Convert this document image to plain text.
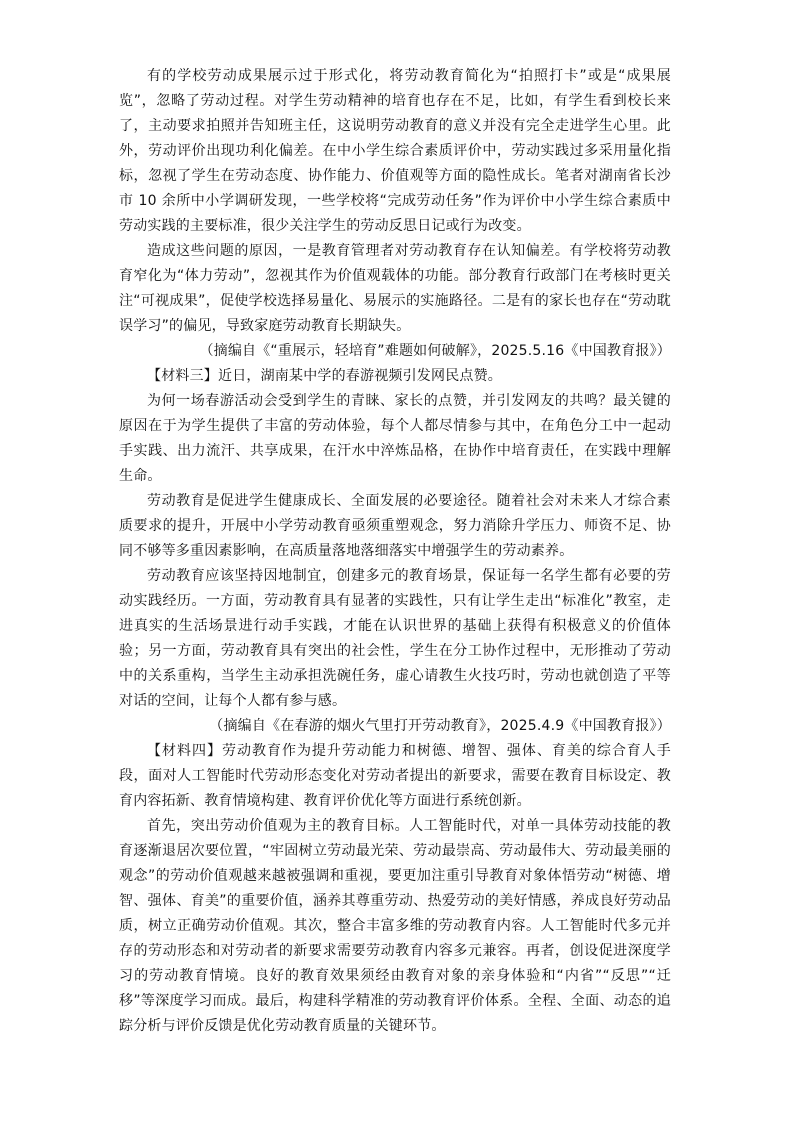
有的学校劳动成果展示过于形式化，将劳动教育简化为“拍照打卡”或是“成果展览”，忽略了劳动过程。对学生劳动精神的培育也存在不足，比如，有学生看到校长来了，主动要求拍照并告知班主任，这说明劳动教育的意义并没有完全走进学生心里。此外，劳动评价出现功利化偏差。在中小学生综合素质评价中，劳动实践过多采用量化指标，忽视了学生在劳动态度、协作能力、价值观等方面的隐性成长。笔者对湖南省长沙市 10 余所中小学调研发现，一些学校将“完成劳动任务”作为评价中小学生综合素质中劳动实践的主要标准，很少关注学生的劳动反思日记或行为改变。

造成这些问题的原因，一是教育管理者对劳动教育存在认知偏差。有学校将劳动教育窄化为“体力劳动”，忽视其作为价值观载体的功能。部分教育行政部门在考核时更关注“可视成果”，促使学校选择易量化、易展示的实施路径。二是有的家长也存在“劳动耽误学习”的偏见，导致家庭劳动教育长期缺失。

（摘编自《“重展示，轻培育”难题如何破解》，2025.5.16《中国教育报》）

【材料三】近日，湖南某中学的春游视频引发网民点赞。

为何一场春游活动会受到学生的青睐、家长的点赞，并引发网友的共鸣？最关键的原因在于为学生提供了丰富的劳动体验，每个人都尽情参与其中，在角色分工中一起动手实践、出力流汗、共享成果，在汗水中淬炼品格，在协作中培育责任，在实践中理解生命。

劳动教育是促进学生健康成长、全面发展的必要途径。随着社会对未来人才综合素质要求的提升，开展中小学劳动教育亟须重塑观念，努力消除升学压力、师资不足、协同不够等多重因素影响，在高质量落地落细落实中增强学生的劳动素养。

劳动教育应该坚持因地制宜，创建多元的教育场景，保证每一名学生都有必要的劳动实践经历。一方面，劳动教育具有显著的实践性，只有让学生走出“标准化”教室，走进真实的生活场景进行动手实践，才能在认识世界的基础上获得有积极意义的价值体验；另一方面，劳动教育具有突出的社会性，学生在分工协作过程中，无形推动了劳动中的关系重构，当学生主动承担洗碗任务，虚心请教生火技巧时，劳动也就创造了平等对话的空间，让每个人都有参与感。

（摘编自《在春游的烟火气里打开劳动教育》，2025.4.9《中国教育报》）

【材料四】劳动教育作为提升劳动能力和树德、增智、强体、育美的综合育人手段，面对人工智能时代劳动形态变化对劳动者提出的新要求，需要在教育目标设定、教育内容拓新、教育情境构建、教育评价优化等方面进行系统创新。

首先，突出劳动价值观为主的教育目标。人工智能时代，对单一具体劳动技能的教育逐渐退居次要位置，“牢固树立劳动最光荣、劳动最崇高、劳动最伟大、劳动最美丽的观念”的劳动价值观越来越被强调和重视，要更加注重引导教育对象体悟劳动“树德、增智、强体、育美”的重要价值，涵养其尊重劳动、热爱劳动的美好情感，养成良好劳动品质，树立正确劳动价值观。其次，整合丰富多维的劳动教育内容。人工智能时代多元并存的劳动形态和对劳动者的新要求需要劳动教育内容多元兼容。再者，创设促进深度学习的劳动教育情境。良好的教育效果须经由教育对象的亲身体验和“内省”“反思”“迁移”等深度学习而成。最后，构建科学精准的劳动教育评价体系。全程、全面、动态的追踪分析与评价反馈是优化劳动教育质量的关键环节。
